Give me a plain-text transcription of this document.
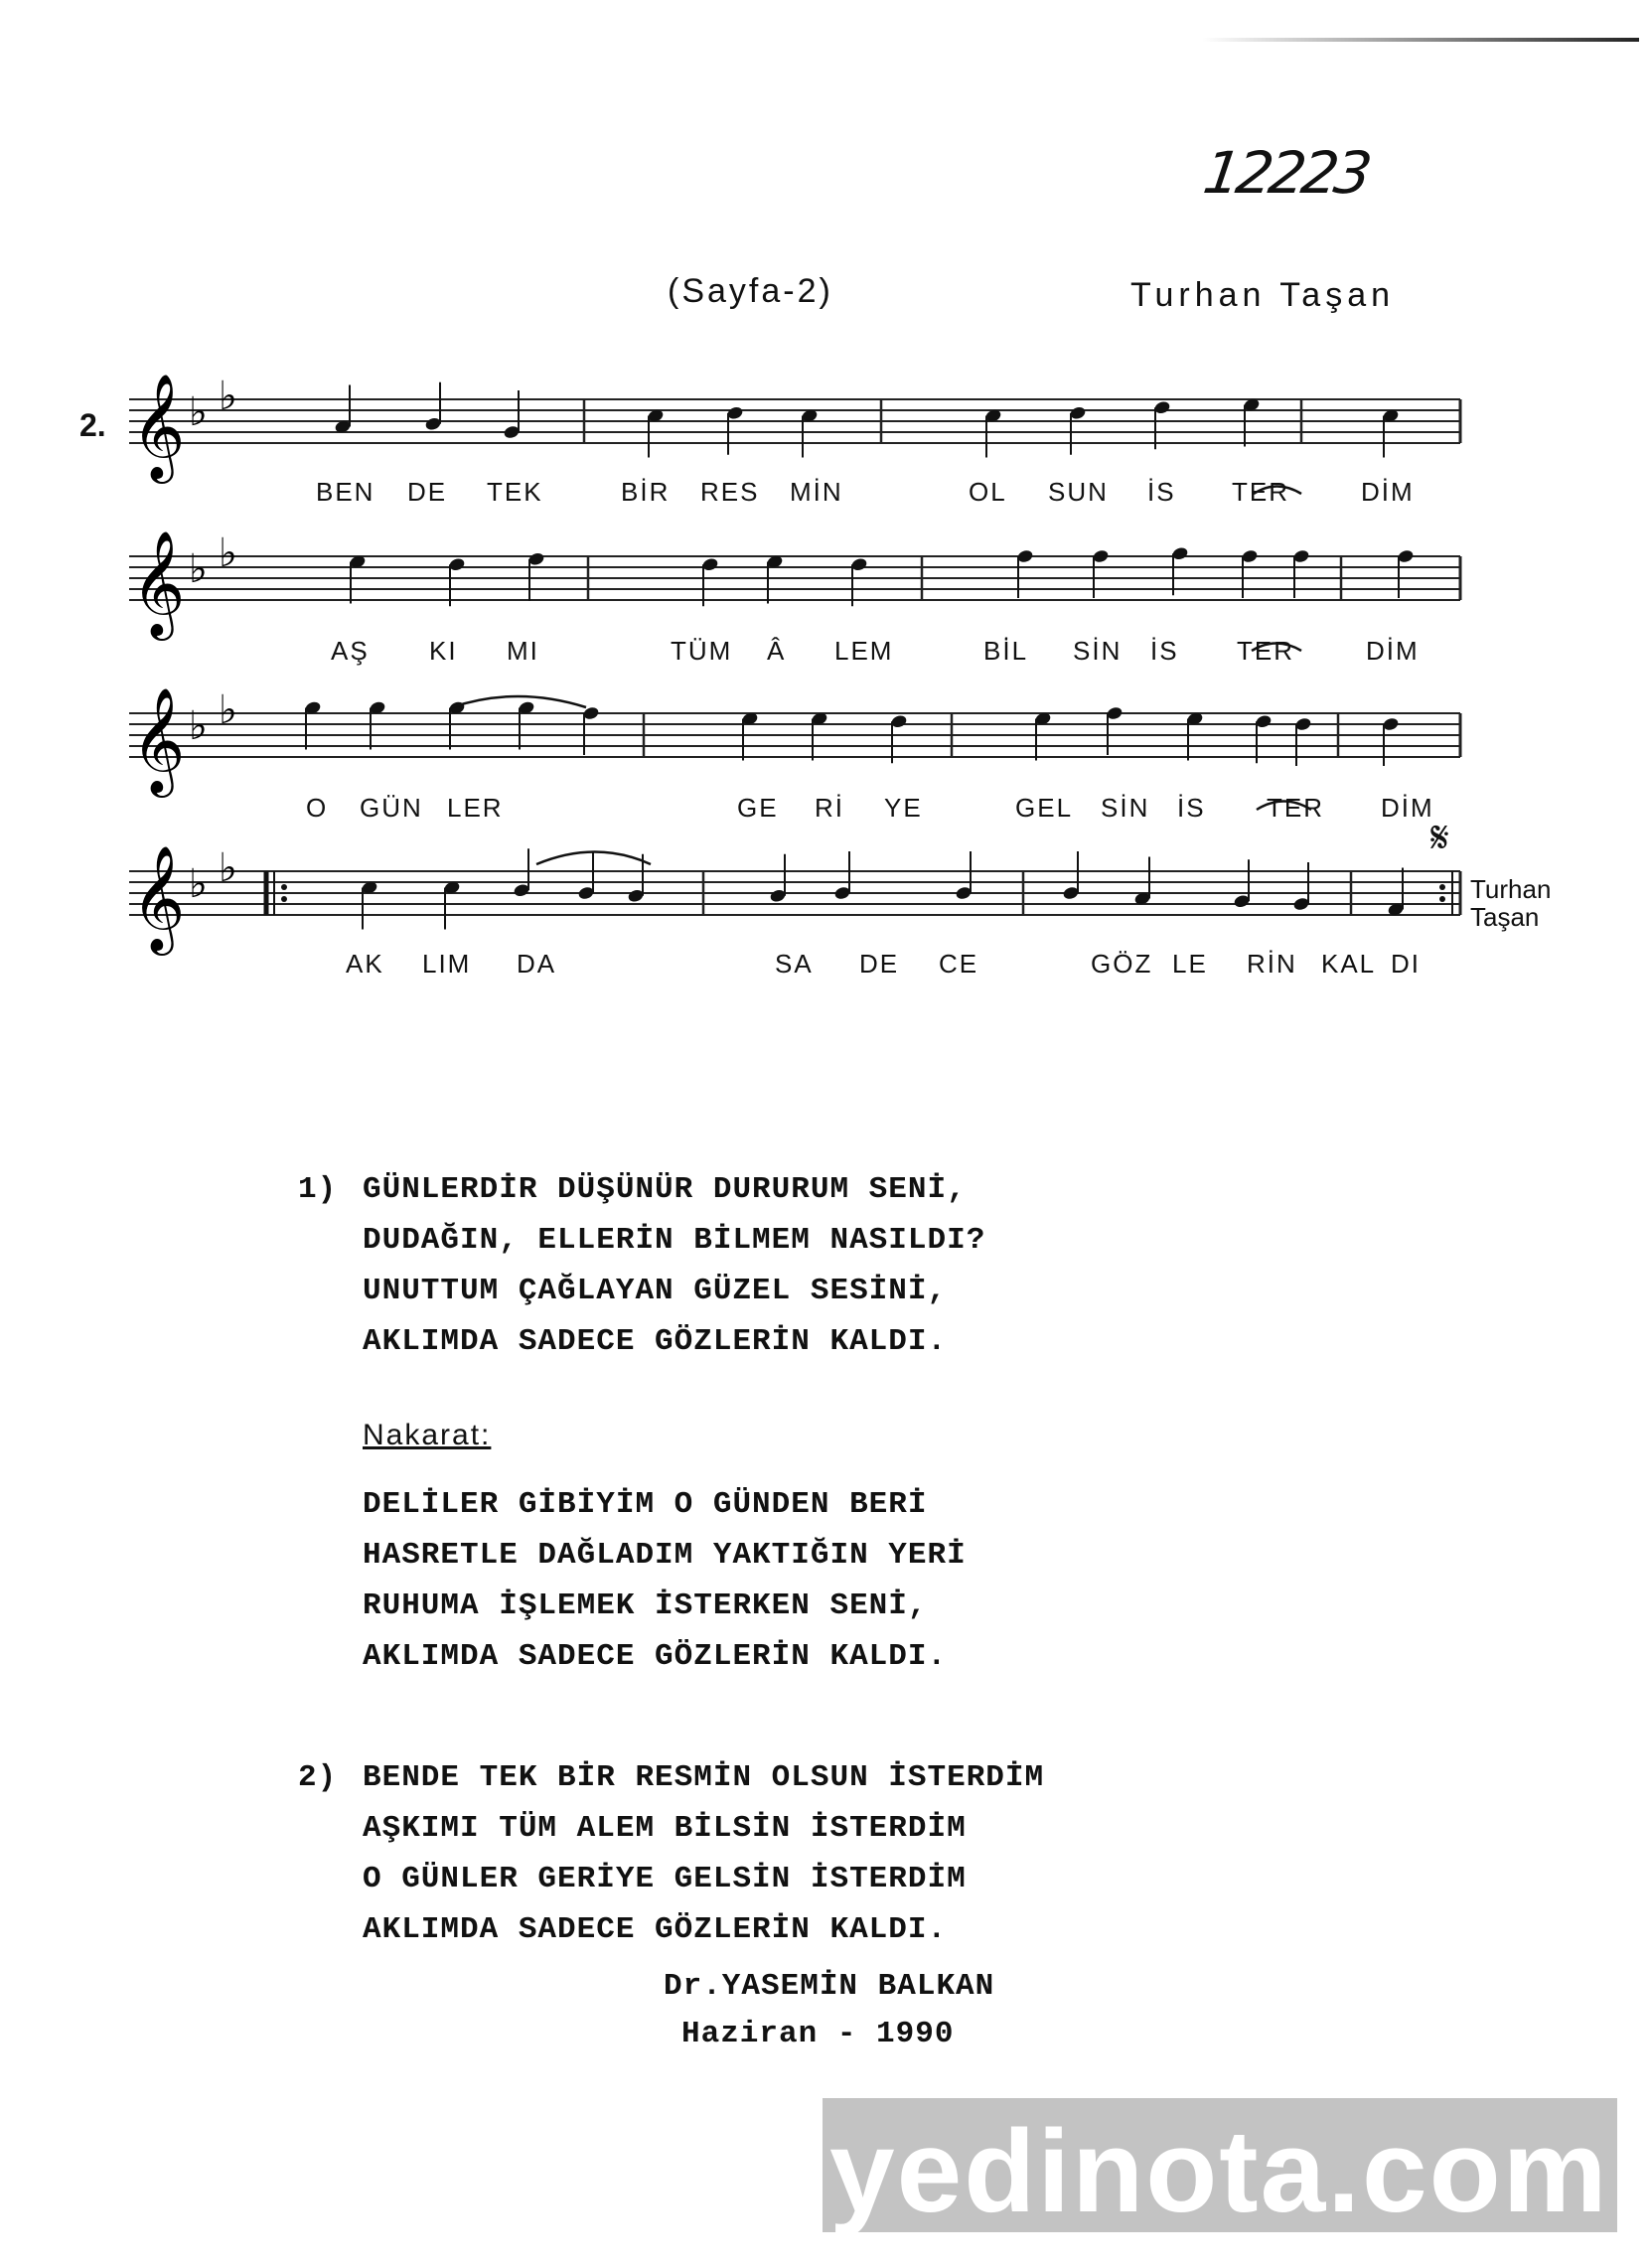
12223
(Sayfa-2)	Turhan Taşan
2. 𝄞 ♭ ♭
𝄞 ♭ ♭
𝄞 ♭ ♭
𝄞 ♭ ♭
BEN DE TEK	BİR RES MİN	OL SUN İS TER	DİM
AŞ KI MI	TÜM Â LEM	Bİ̇L SİN İS TER	DİM
O GÜN LER	GE Rİ YE	GEL SİN İS TER DİM
AK LIM DA	SA DE CE	GÖZ LE RİN KAL DI
𝄋
Turhan
Taşan
1) GÜNLERDİR DÜŞÜNÜR DURURUM SENİ,
DUDAĞIN, ELLERİN BİLMEM NASILDI?
UNUTTUM ÇAĞLAYAN GÜZEL SESİNİ,
AKLIMDA SADECE GÖZLERİN KALDI.
Nakarat:
DELİLER GİBİYİM O GÜNDEN BERİ
HASRETLE DAĞLADIM YAKTIĞIN YERİ
RUHUMA İŞLEMEK İSTERKEN SENİ,
AKLIMDA SADECE GÖZLERİN KALDI.
2) BENDE TEK BİR RESMİN OLSUN İSTERDİM
AŞKIMI TÜM ALEM BİLSİN İSTERDİM
O GÜNLER GERİYE GELSİN İSTERDİM
AKLIMDA SADECE GÖZLERİN KALDI.
Dr.YASEMİN BALKAN
Haziran - 1990
yedinota.com
